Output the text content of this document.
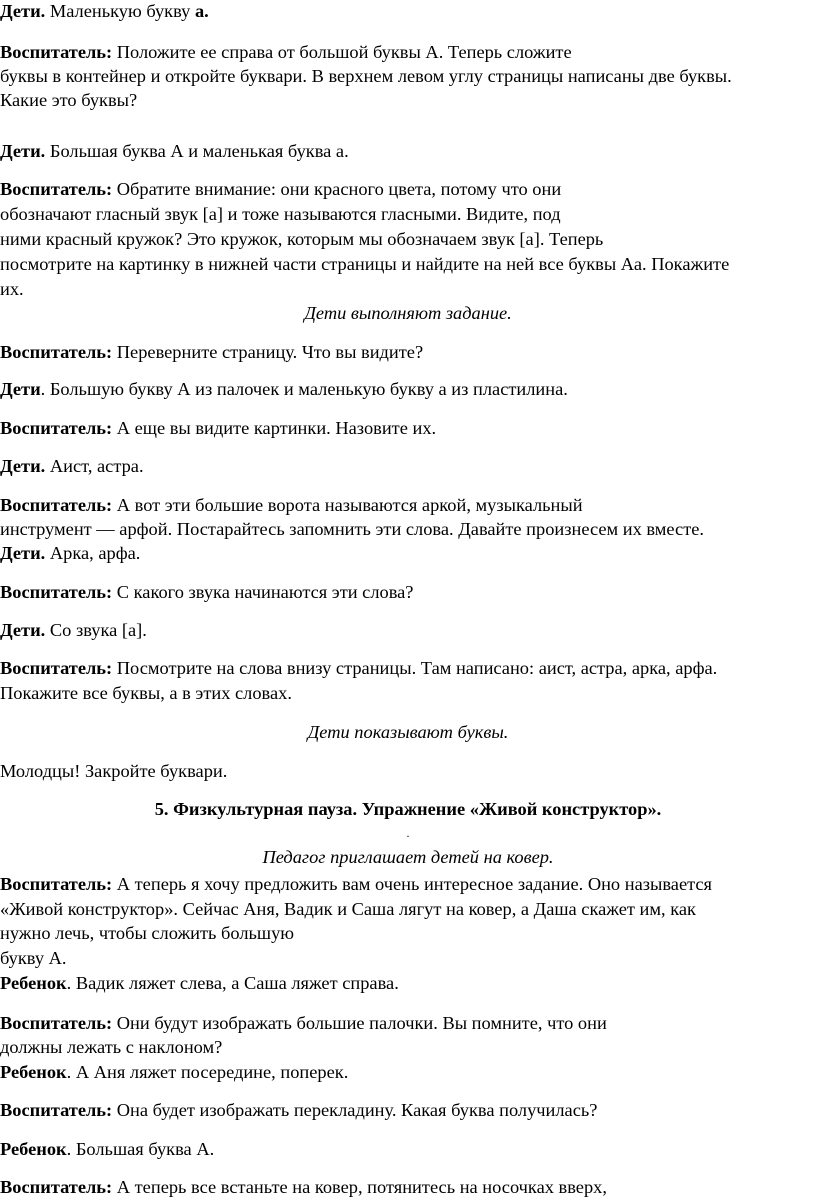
Дети. Маленькую букву а.
Воспитатель: Положите ее справа от большой буквы А. Теперь сложите
буквы в контейнер и откройте буквари. В верхнем левом углу страницы написаны две буквы.
Какие это буквы?
Дети. Большая буква А и маленькая буква а.
Воспитатель: Обратите внимание: они красного цвета, потому что они
обозначают гласный звук [а] и тоже называются гласными. Видите, под
ними красный кружок? Это кружок, которым мы обозначаем звук [а]. Теперь
посмотрите на картинку в нижней части страницы и найдите на ней все буквы Аа. Покажите
их.
Дети выполняют задание.
Воспитатель: Переверните страницу. Что вы видите?
Дети. Большую букву А из палочек и маленькую букву а из пластилина.
Воспитатель: А еще вы видите картинки. Назовите их.
Дети. Аист, астра.
Воспитатель: А вот эти большие ворота называются аркой, музыкальный
инструмент — арфой. Постарайтесь запомнить эти слова. Давайте произнесем их вместе.
Дети. Арка, арфа.
Воспитатель: С какого звука начинаются эти слова?
Дети. Со звука [а].
Воспитатель: Посмотрите на слова внизу страницы. Там написано: аист, астра, арка, арфа.
Покажите все буквы, а в этих словах.
Дети показывают буквы.
Молодцы! Закройте буквари.
5. Физкультурная пауза. Упражнение «Живой конструктор».
.
Педагог приглашает детей на ковер.
Воспитатель: А теперь я хочу предложить вам очень интересное задание. Оно называется
«Живой конструктор». Сейчас Аня, Вадик и Саша лягут на ковер, а Даша скажет им, как
нужно лечь, чтобы сложить большую
букву А.
Ребенок. Вадик ляжет слева, а Саша ляжет справа.
Воспитатель: Они будут изображать большие палочки. Вы помните, что они
должны лежать с наклоном?
Ребенок. А Аня ляжет посередине, поперек.
Воспитатель: Она будет изображать перекладину. Какая буква получилась?
Ребенок. Большая буква А.
Воспитатель: А теперь все встаньте на ковер, потянитесь на носочках вверх,
